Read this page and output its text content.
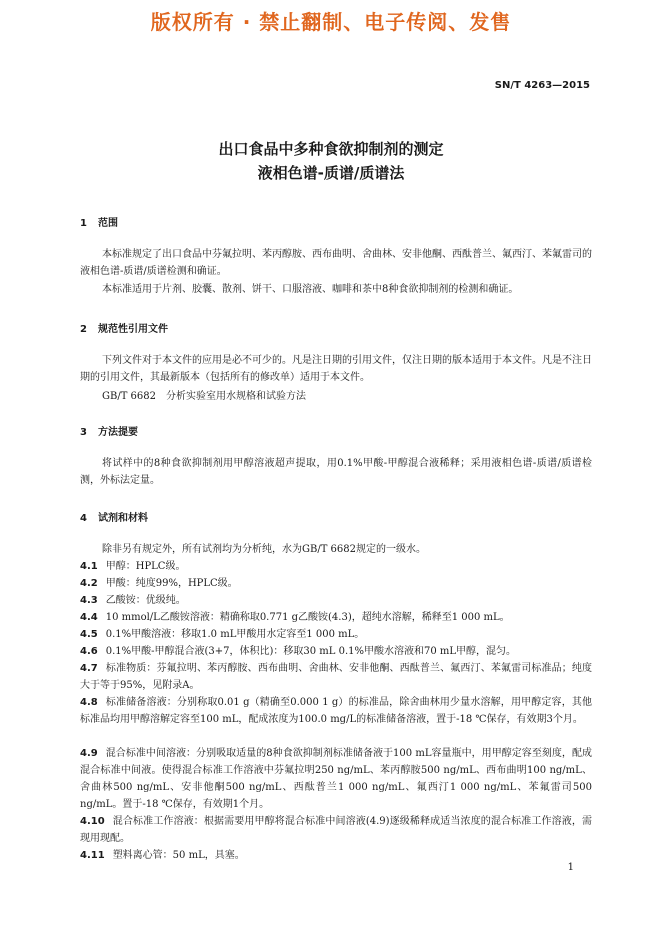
版权所有 · 禁止翻制、电子传阅、发售
SN/T 4263—2015
出口食品中多种食欲抑制剂的测定
液相色谱-质谱/质谱法
1 范围
本标准规定了出口食品中芬氟拉明、苯丙醇胺、西布曲明、舍曲林、安非他酮、西酞普兰、氟西汀、苯氟雷司的液相色谱-质谱/质谱检测和确证。
本标准适用于片剂、胶囊、散剂、饼干、口服溶液、咖啡和茶中8种食欲抑制剂的检测和确证。
2 规范性引用文件
下列文件对于本文件的应用是必不可少的。凡是注日期的引用文件，仅注日期的版本适用于本文件。凡是不注日期的引用文件，其最新版本（包括所有的修改单）适用于本文件。
GB/T 6682　分析实验室用水规格和试验方法
3 方法提要
将试样中的8种食欲抑制剂用甲醇溶液超声提取，用0.1%甲酸-甲醇混合液稀释；采用液相色谱-质谱/质谱检测，外标法定量。
4 试剂和材料
除非另有规定外，所有试剂均为分析纯，水为GB/T 6682规定的一级水。
4.1 甲醇：HPLC级。
4.2 甲酸：纯度99%，HPLC级。
4.3 乙酸铵：优级纯。
4.4 10 mmol/L乙酸铵溶液：精确称取0.771 g乙酸铵(4.3)，超纯水溶解，稀释至1 000 mL。
4.5 0.1%甲酸溶液：移取1.0 mL甲酸用水定容至1 000 mL。
4.6 0.1%甲酸-甲醇混合液(3+7，体积比)：移取30 mL 0.1%甲酸水溶液和70 mL甲醇，混匀。
4.7 标准物质：芬氟拉明、苯丙醇胺、西布曲明、舍曲林、安非他酮、西酞普兰、氟西汀、苯氟雷司标准品；纯度大于等于95%，见附录A。
4.8 标准储备溶液：分别称取0.01 g（精确至0.000 1 g）的标准品，除舍曲林用少量水溶解，用甲醇定容，其他标准品均用甲醇溶解定容至100 mL，配成浓度为100.0 mg/L的标准储备溶液，置于-18 ℃保存，有效期3个月。
4.9 混合标准中间溶液：分别吸取适量的8种食欲抑制剂标准储备液于100 mL容量瓶中，用甲醇定容至刻度，配成混合标准中间液。使得混合标准工作溶液中芬氟拉明250 ng/mL、苯丙醇胺500 ng/mL、西布曲明100 ng/mL、舍曲林500 ng/mL、安非他酮500 ng/mL、西酞普兰1 000 ng/mL、氟西汀1 000 ng/mL、苯氟雷司500 ng/mL。置于-18 ℃保存，有效期1个月。
4.10 混合标准工作溶液：根据需要用甲醇将混合标准中间溶液(4.9)逐级稀释成适当浓度的混合标准工作溶液，需现用现配。
4.11 塑料离心管：50 mL，具塞。
1
